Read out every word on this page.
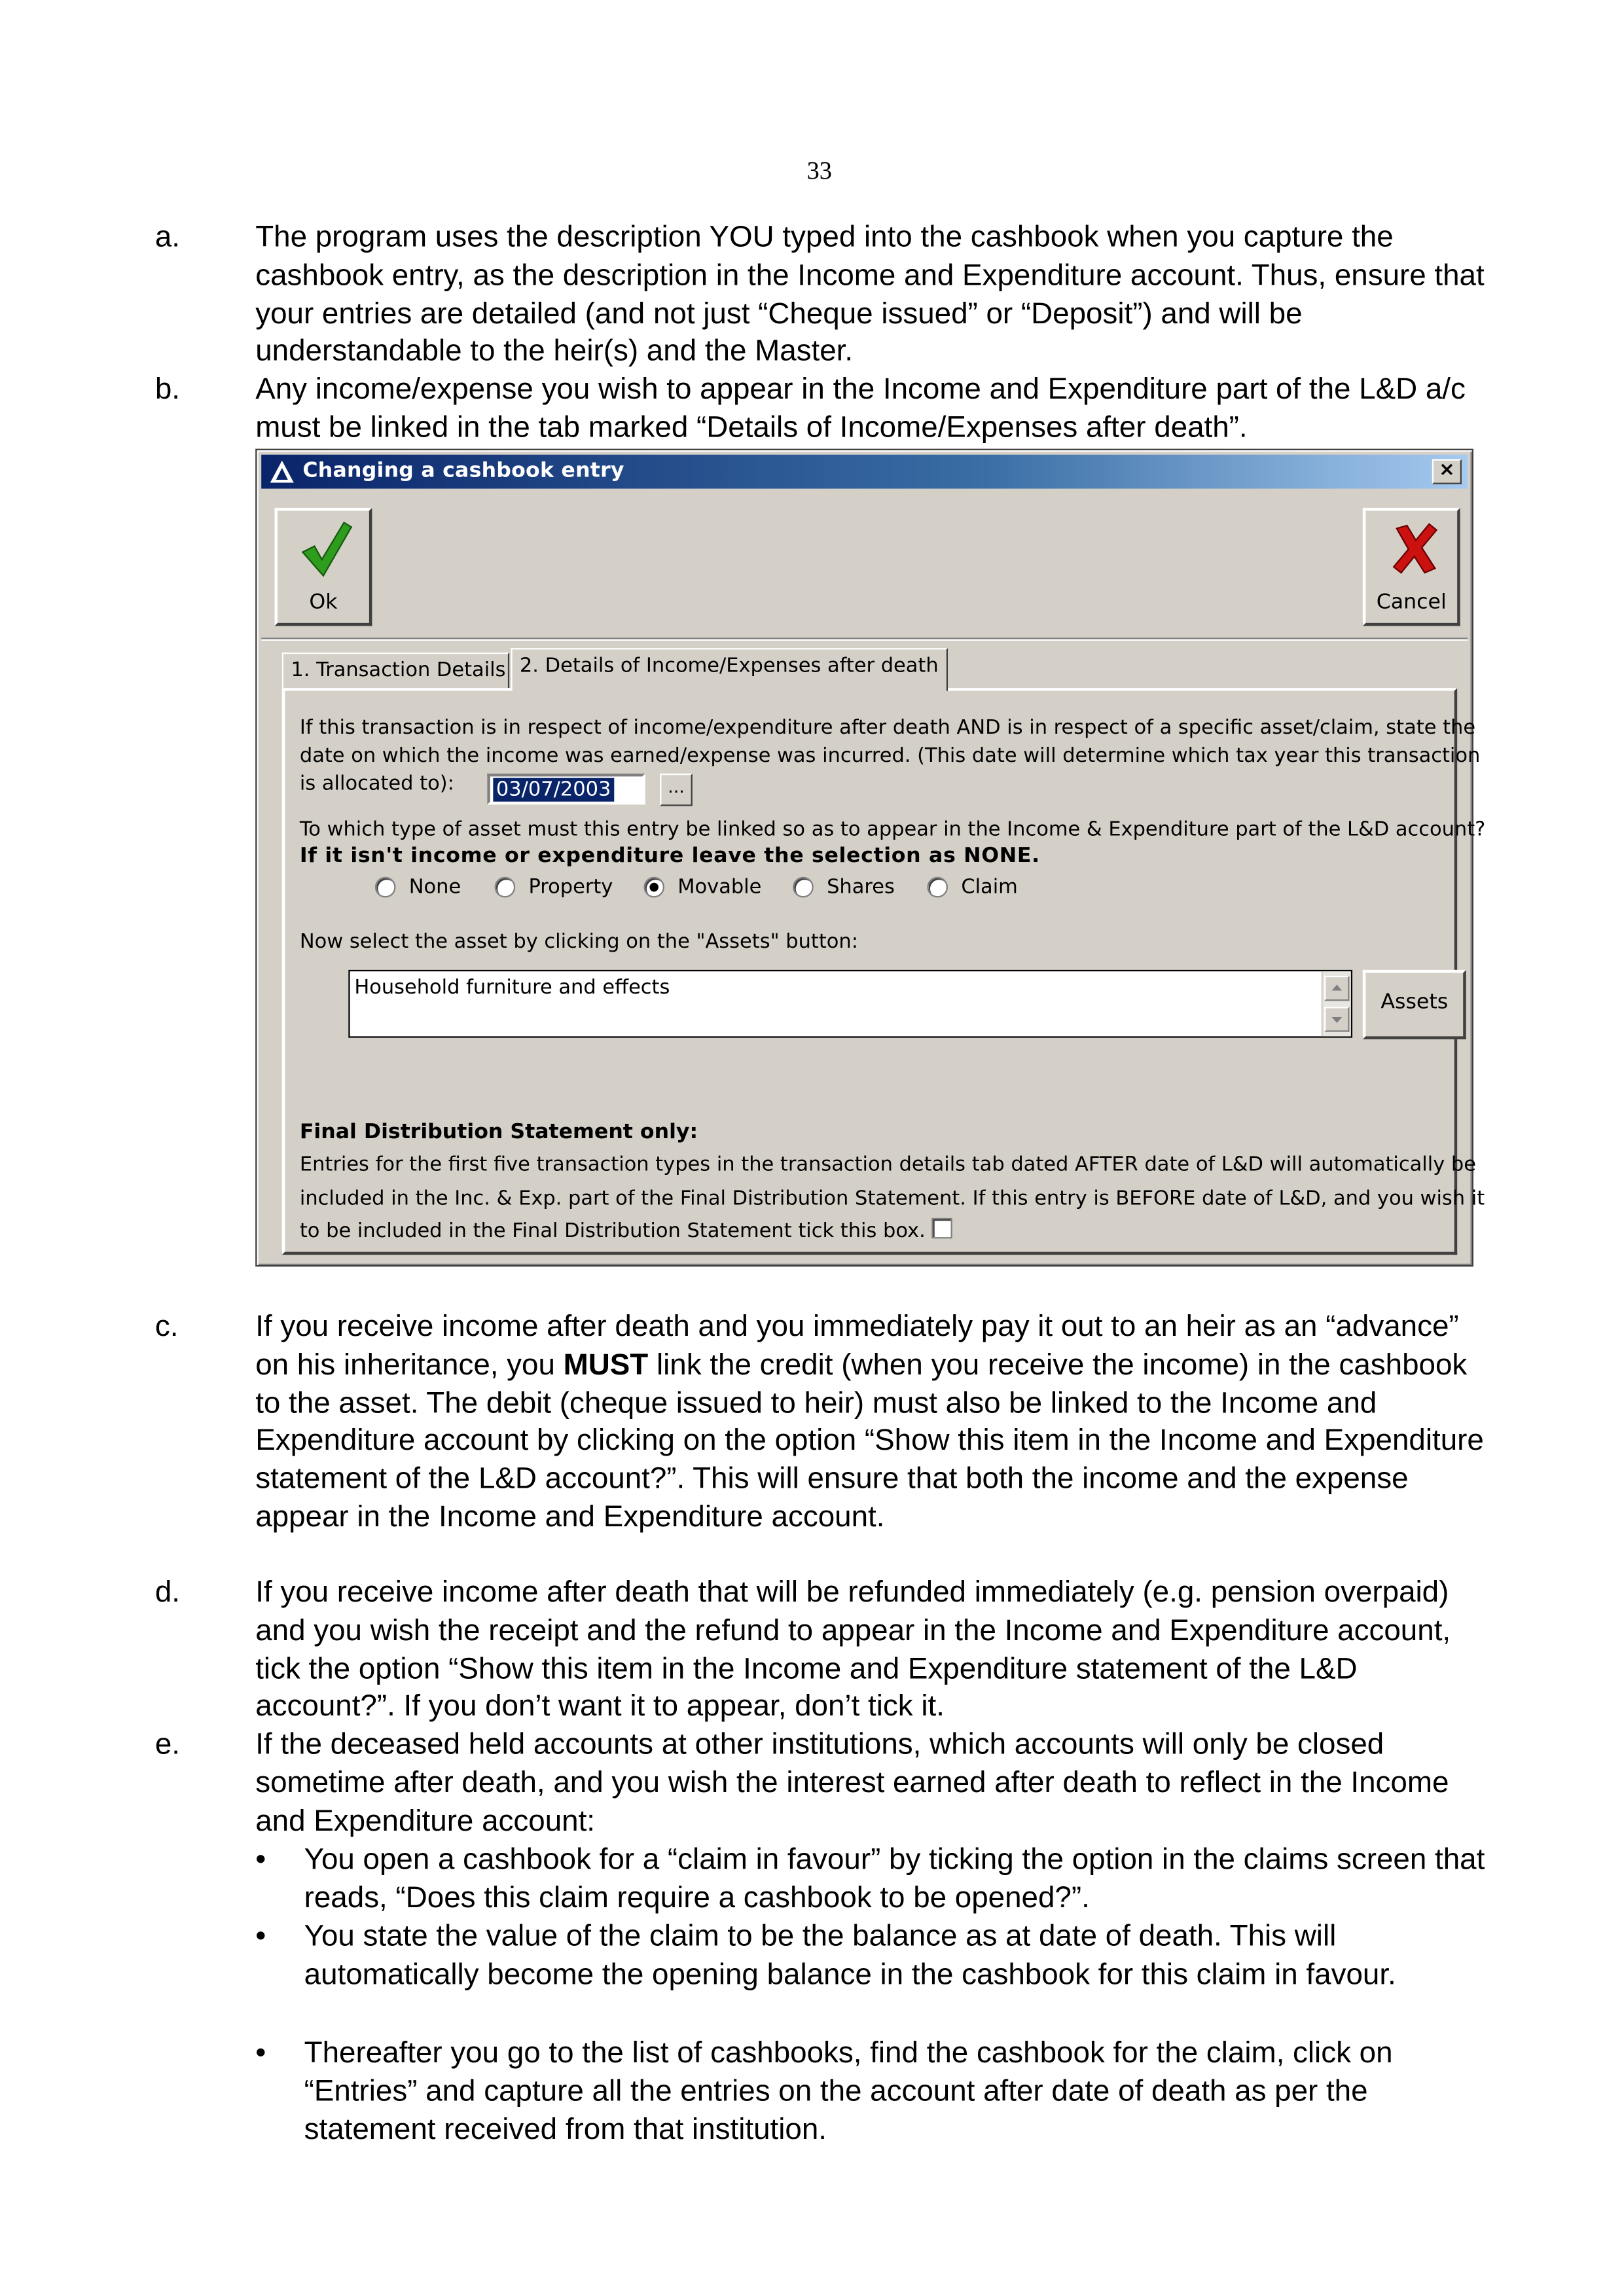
33
a.	The program uses the description YOU typed into the cashbook when you capture the cashbook entry, as the description in the Income and Expenditure account. Thus, ensure that your entries are detailed (and not just “Cheque issued” or “Deposit”) and will be understandable to the heir(s) and the Master.
b.	Any income/expense you wish to appear in the Income and Expenditure part of the L&D a/c must be linked in the tab marked “Details of Income/Expenses after death”.
c.	If you receive income after death and you immediately pay it out to an heir as an “advance” on his inheritance, you MUST link the credit (when you receive the income) in the cashbook to the asset. The debit (cheque issued to heir) must also be linked to the Income and Expenditure account by clicking on the option “Show this item in the Income and Expenditure statement of the L&D account?”. This will ensure that both the income and the expense appear in the Income and Expenditure account.
d.	If you receive income after death that will be refunded immediately (e.g. pension overpaid) and you wish the receipt and the refund to appear in the Income and Expenditure account, tick the option “Show this item in the Income and Expenditure statement of the L&D account?”. If you don’t want it to appear, don’t tick it.
e.	If the deceased held accounts at other institutions, which accounts will only be closed sometime after death, and you wish the interest earned after death to reflect in the Income and Expenditure account:
•	You open a cashbook for a “claim in favour” by ticking the option in the claims screen that reads, “Does this claim require a cashbook to be opened?”.
•	You state the value of the claim to be the balance as at date of death. This will automatically become the opening balance in the cashbook for this claim in favour.
•	Thereafter you go to the list of cashbooks, find the cashbook for the claim, click on “Entries” and capture all the entries on the account after date of death as per the statement received from that institution.
Changing a cashbook entry	×
Ok	Cancel
1. Transaction Details	2. Details of Income/Expenses after death
If this transaction is in respect of income/expenditure after death AND is in respect of a specific asset/claim, state the
date on which the income was earned/expense was incurred. (This date will determine which tax year this transaction
is allocated to):	03/07/2003	...
To which type of asset must this entry be linked so as to appear in the Income & Expenditure part of the L&D account?
If it isn't income or expenditure leave the selection as NONE.
None	Property	Movable	Shares	Claim
Now select the asset by clicking on the "Assets" button:
Household furniture and effects
Assets
Final Distribution Statement only:
Entries for the first five transaction types in the transaction details tab dated AFTER date of L&D will automatically be
included in the Inc. & Exp. part of the Final Distribution Statement. If this entry is BEFORE date of L&D, and you wish it
to be included in the Final Distribution Statement tick this box.
